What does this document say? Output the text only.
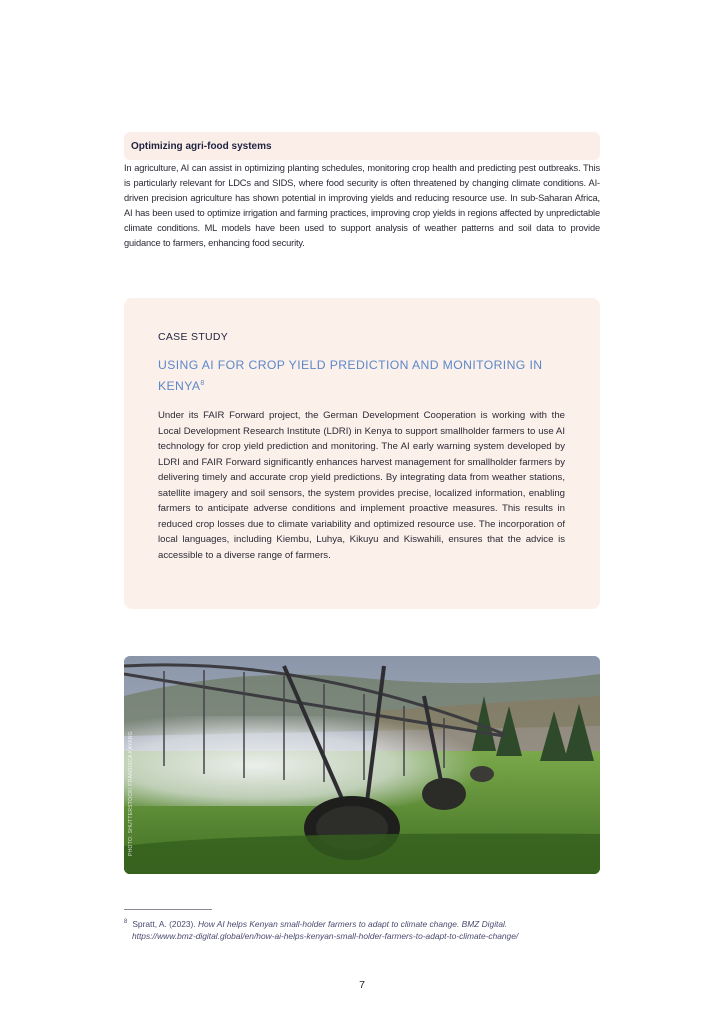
Optimizing agri-food systems

In agriculture, AI can assist in optimizing planting schedules, monitoring crop health and predicting pest outbreaks. This is particularly relevant for LDCs and SIDS, where food security is often threatened by changing climate conditions. AI-driven precision agriculture has shown potential in improving yields and reducing resource use. In sub-Saharan Africa, AI has been used to optimize irrigation and farming practices, improving crop yields in regions affected by unpredictable climate conditions. ML models have been used to support analysis of weather patterns and soil data to provide guidance to farmers, enhancing food security.

CASE STUDY
USING AI FOR CROP YIELD PREDICTION AND MONITORING IN KENYA$^8$

Under its FAIR Forward project, the German Development Cooperation is working with the Local Development Research Institute (LDRI) in Kenya to support smallholder farmers to use AI technology for crop yield prediction and monitoring. The AI early warning system developed by LDRI and FAIR Forward significantly enhances harvest management for smallholder farmers by delivering timely and accurate crop yield predictions. By integrating data from weather stations, satellite imagery and soil sensors, the system provides precise, localized information, enabling farmers to anticipate adverse conditions and implement proactive measures. This results in reduced crop losses due to climate variability and optimized resource use. The incorporation of local languages, including Kiembu, Luhya, Kikuyu and Kiswahili, ensures that the advice is accessible to a diverse range of farmers.

PHOTO: SHUTTERSTOCK/ FRANSISCA KAYANG
$^8$ Spratt, A. (2023). How AI helps Kenyan small-holder farmers to adapt to climate change. BMZ Digital.
https://www.bmz-digital.global/en/how-ai-helps-kenyan-small-holder-farmers-to-adapt-to-climate-change/
7
